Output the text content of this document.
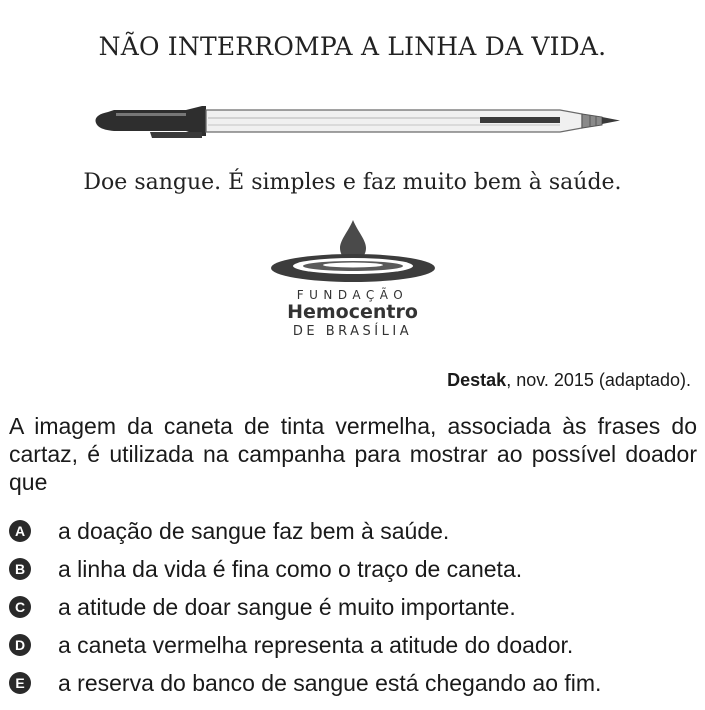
NÃO INTERROMPA A LINHA DA VIDA.
Doe sangue. É simples e faz muito bem à saúde.
FUNDAÇÃO
Hemocentro
DE BRASÍLIA
Destak, nov. 2015 (adaptado).
A imagem da caneta de tinta vermelha, associada às frases do cartaz, é utilizada na campanha para mostrar ao possível doador que
A a doação de sangue faz bem à saúde.
B a linha da vida é fina como o traço de caneta.
C a atitude de doar sangue é muito importante.
D a caneta vermelha representa a atitude do doador.
E a reserva do banco de sangue está chegando ao fim.
